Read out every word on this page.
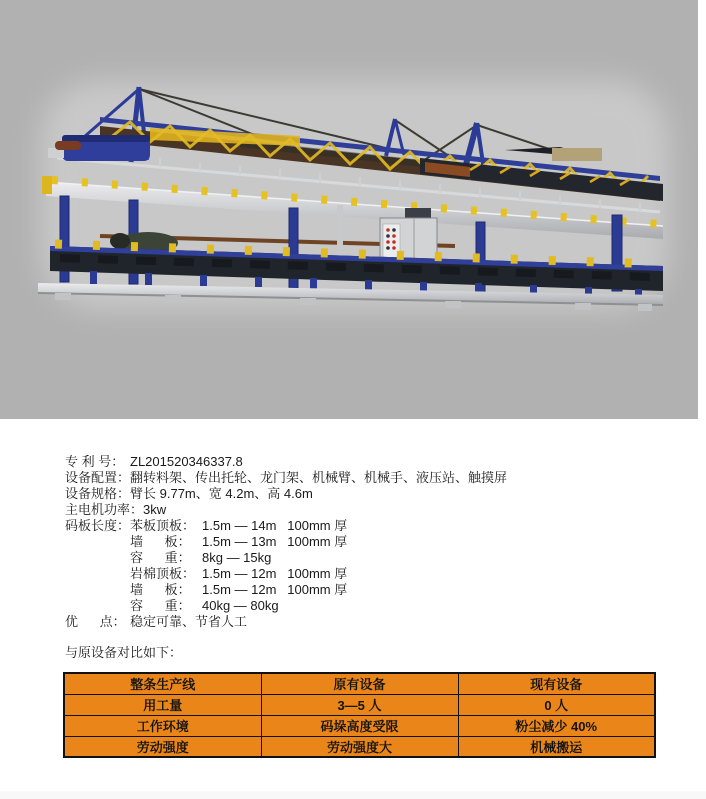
专 利 号： ZL201520346337.8
设备配置：翻转料架、传出托轮、龙门架、机械臂、机械手、液压站、触摸屏
设备规格：臂长 9.77m、宽 4.2m、高 4.6m
主电机功率：3kw
码板长度：苯板顶板： 1.5m — 14m   100mm 厚
墙      板： 1.5m — 13m   100mm 厚
容      重： 8kg — 15kg
岩棉顶板： 1.5m — 12m   100mm 厚
墙      板： 1.5m — 12m   100mm 厚
容      重： 40kg — 80kg
优      点： 稳定可靠、节省人工
与原设备对比如下：
整条生产线	原有设备	现有设备
用工量	3—5 人	0 人
工作环境	码垛高度受限	粉尘减少 40%
劳动强度	劳动强度大	机械搬运
